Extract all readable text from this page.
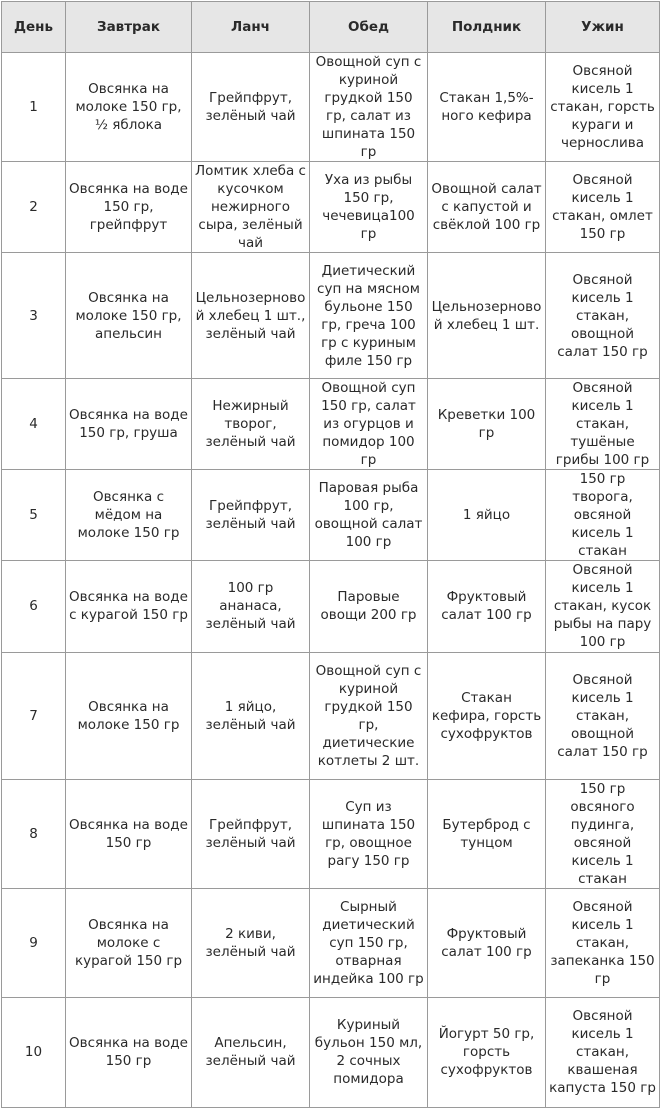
День	Завтрак	Ланч	Обед	Полдник	Ужин
1	Овсянка на молоке 150 гр, ½ яблока	Грейпфрут, зелёный чай	Овощной суп с куриной грудкой 150 гр, салат из шпината 150 гр	Стакан 1,5%-ного кефира	Овсяной кисель 1 стакан, горсть кураги и чернослива
2	Овсянка на воде 150 гр, грейпфрут	Ломтик хлеба с кусочком нежирного сыра, зелёный чай	Уха из рыбы 150 гр, чечевица100 гр	Овощной салат с капустой и свёклой 100 гр	Овсяной кисель 1 стакан, омлет 150 гр
3	Овсянка на молоке 150 гр, апельсин	Цельнозерновой хлебец 1 шт., зелёный чай	Диетический суп на мясном бульоне 150 гр, греча 100 гр с куриным филе 150 гр	Цельнозерновой хлебец 1 шт.	Овсяной кисель 1 стакан, овощной салат 150 гр
4	Овсянка на воде 150 гр, груша	Нежирный творог, зелёный чай	Овощной суп 150 гр, салат из огурцов и помидор 100 гр	Креветки 100 гр	Овсяной кисель 1 стакан, тушёные грибы 100 гр
5	Овсянка с мёдом на молоке 150 гр	Грейпфрут, зелёный чай	Паровая рыба 100 гр, овощной салат 100 гр	1 яйцо	150 гр творога, овсяной кисель 1 стакан
6	Овсянка на воде с курагой 150 гр	100 гр ананаса, зелёный чай	Паровые овощи 200 гр	Фруктовый салат 100 гр	Овсяной кисель 1 стакан, кусок рыбы на пару 100 гр
7	Овсянка на молоке 150 гр	1 яйцо, зелёный чай	Овощной суп с куриной грудкой 150 гр, диетические котлеты 2 шт.	Стакан кефира, горсть сухофруктов	Овсяной кисель 1 стакан, овощной салат 150 гр
8	Овсянка на воде 150 гр	Грейпфрут, зелёный чай	Суп из шпината 150 гр, овощное рагу 150 гр	Бутерброд с тунцом	150 гр овсяного пудинга, овсяной кисель 1 стакан
9	Овсянка на молоке с курагой 150 гр	2 киви, зелёный чай	Сырный диетический суп 150 гр, отварная индейка 100 гр	Фруктовый салат 100 гр	Овсяной кисель 1 стакан, запеканка 150 гр
10	Овсянка на воде 150 гр	Апельсин, зелёный чай	Куриный бульон 150 мл, 2 сочных помидора	Йогурт 50 гр, горсть сухофруктов	Овсяной кисель 1 стакан, квашеная капуста 150 гр
